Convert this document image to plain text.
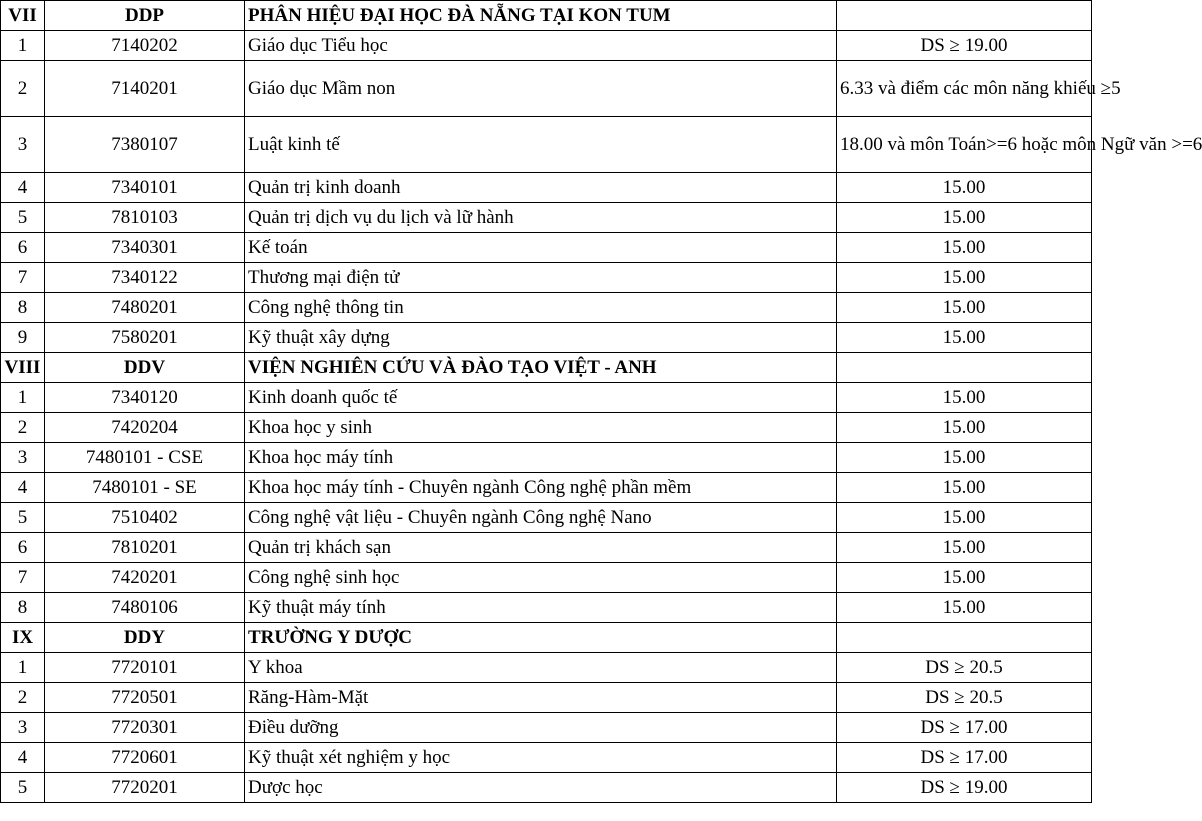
VII	DDP	PHÂN HIỆU ĐẠI HỌC ĐÀ NẴNG TẠI KON TUM	
1	7140202	Giáo dục Tiểu học	DS ≥ 19.00
2	7140201	Giáo dục Mầm non	6.33 và điểm các môn năng khiếu ≥5
3	7380107	Luật kinh tế	18.00 và môn Toán>=6 hoặc môn Ngữ văn >=6
4	7340101	Quản trị kinh doanh	15.00
5	7810103	Quản trị dịch vụ du lịch và lữ hành	15.00
6	7340301	Kế toán	15.00
7	7340122	Thương mại điện tử	15.00
8	7480201	Công nghệ thông tin	15.00
9	7580201	Kỹ thuật xây dựng	15.00
VIII	DDV	VIỆN NGHIÊN CỨU VÀ ĐÀO TẠO VIỆT - ANH	
1	7340120	Kinh doanh quốc tế	15.00
2	7420204	Khoa học y sinh	15.00
3	7480101 - CSE	Khoa học máy tính	15.00
4	7480101 - SE	Khoa học máy tính - Chuyên ngành Công nghệ phần mềm	15.00
5	7510402	Công nghệ vật liệu - Chuyên ngành Công nghệ Nano	15.00
6	7810201	Quản trị khách sạn	15.00
7	7420201	Công nghệ sinh học	15.00
8	7480106	Kỹ thuật máy tính	15.00
IX	DDY	TRƯỜNG Y DƯỢC	
1	7720101	Y khoa	DS ≥ 20.5
2	7720501	Răng-Hàm-Mặt	DS ≥ 20.5
3	7720301	Điều dưỡng	DS ≥ 17.00
4	7720601	Kỹ thuật xét nghiệm y học	DS ≥ 17.00
5	7720201	Dược học	DS ≥ 19.00
